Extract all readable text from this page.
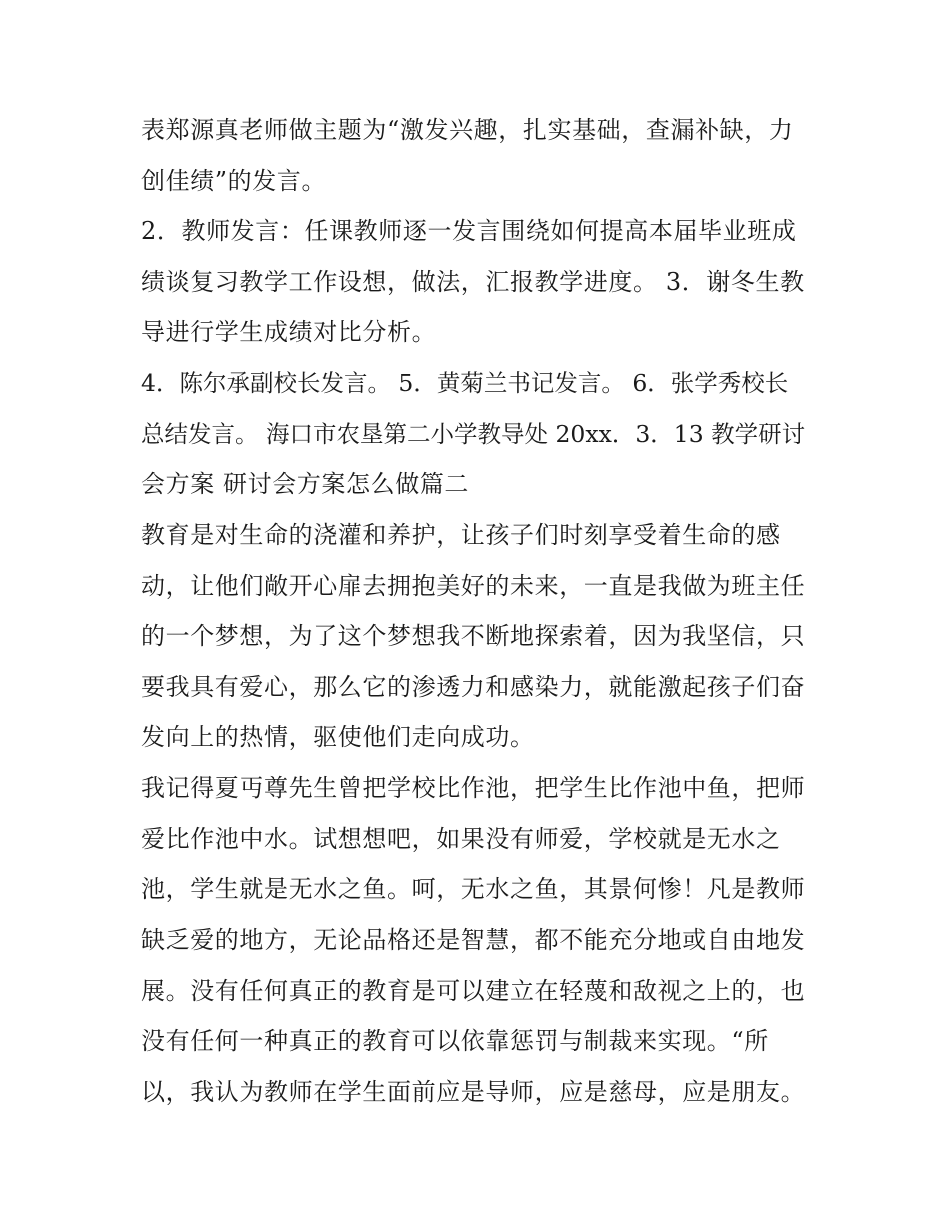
表郑源真老师做主题为“激发兴趣，扎实基础，查漏补缺，力
创佳绩”的发言。
2．教师发言：任课教师逐一发言围绕如何提高本届毕业班成
绩谈复习教学工作设想，做法，汇报教学进度。 3．谢冬生教
导进行学生成绩对比分析。
4．陈尔承副校长发言。 5．黄菊兰书记发言。 6．张学秀校长
总结发言。 海口市农垦第二小学教导处 20xx．3．13 教学研讨
会方案 研讨会方案怎么做篇二
教育是对生命的浇灌和养护，让孩子们时刻享受着生命的感
动，让他们敞开心扉去拥抱美好的未来，一直是我做为班主任
的一个梦想，为了这个梦想我不断地探索着，因为我坚信，只
要我具有爱心，那么它的渗透力和感染力，就能激起孩子们奋
发向上的热情，驱使他们走向成功。
我记得夏丏尊先生曾把学校比作池，把学生比作池中鱼，把师
爱比作池中水。试想想吧，如果没有师爱，学校就是无水之
池，学生就是无水之鱼。呵，无水之鱼，其景何惨！凡是教师
缺乏爱的地方，无论品格还是智慧，都不能充分地或自由地发
展。没有任何真正的教育是可以建立在轻蔑和敌视之上的，也
没有任何一种真正的教育可以依靠惩罚与制裁来实现。“所
以，我认为教师在学生面前应是导师，应是慈母，应是朋友。
